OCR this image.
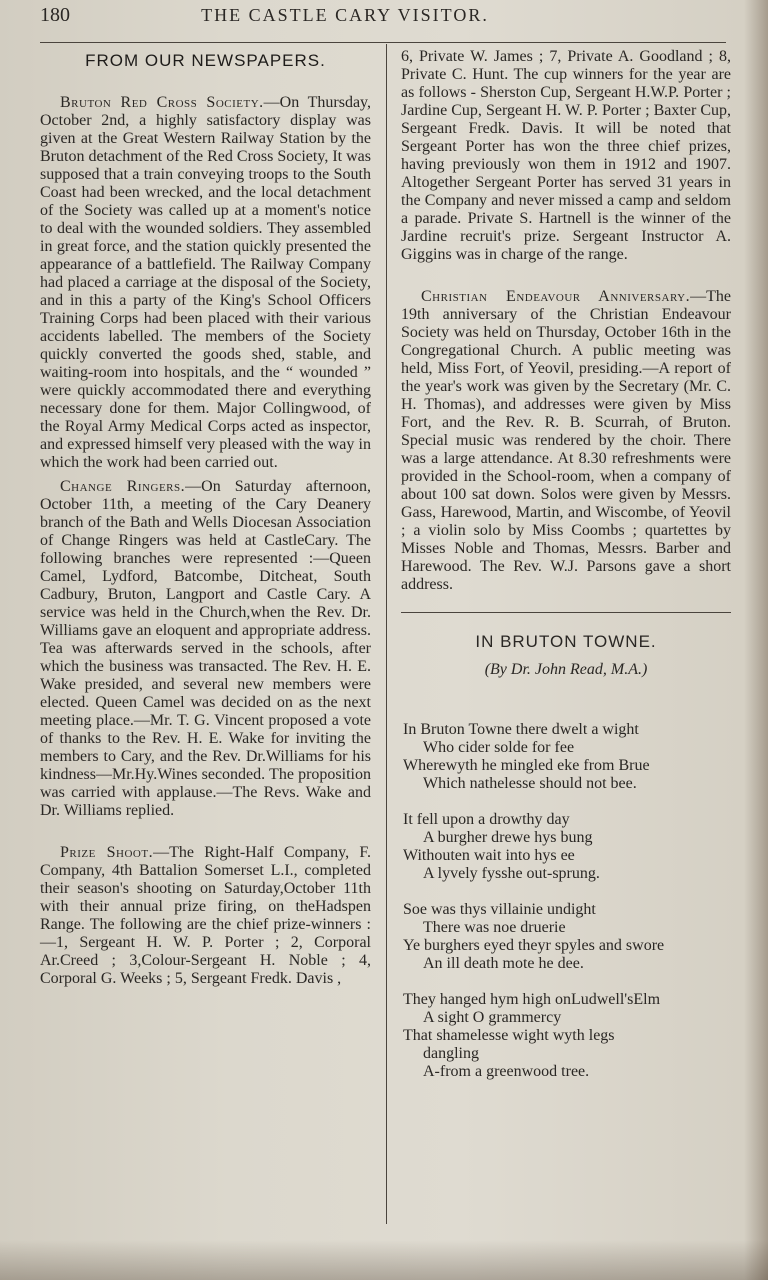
180	THE CASTLE CARY VISITOR.
FROM OUR NEWSPAPERS.

Bruton Red Cross Society.—On Thursday, October 2nd, a highly satisfactory display was given at the Great Western Railway Station by the Bruton detachment of the Red Cross Society, It was supposed that a train conveying troops to the South Coast had been wrecked, and the local detachment of the Society was called up at a moment's notice to deal with the wounded soldiers. They assembled in great force, and the station quickly presented the appearance of a battlefield. The Railway Company had placed a carriage at the disposal of the Society, and in this a party of the King's School Officers Training Corps had been placed with their various accidents labelled. The members of the Society quickly converted the goods shed, stable, and waiting-room into hospitals, and the “ wounded ” were quickly accommodated there and everything necessary done for them. Major Collingwood, of the Royal Army Medical Corps acted as inspector, and expressed himself very pleased with the way in which the work had been carried out.

Change Ringers.—On Saturday afternoon, October 11th, a meeting of the Cary Deanery branch of the Bath and Wells Diocesan Association of Change Ringers was held at CastleCary. The following branches were represented :—Queen Camel, Lydford, Batcombe, Ditcheat, South Cadbury, Bruton, Langport and Castle Cary. A service was held in the Church,when the Rev. Dr. Williams gave an eloquent and appropriate address. Tea was afterwards served in the schools, after which the business was transacted. The Rev. H. E. Wake presided, and several new members were elected. Queen Camel was decided on as the next meeting place.—Mr. T. G. Vincent proposed a vote of thanks to the Rev. H. E. Wake for inviting the members to Cary, and the Rev. Dr.Williams for his kindness—Mr.Hy.Wines seconded. The proposition was carried with applause.—The Revs. Wake and Dr. Williams replied.

Prize Shoot.—The Right-Half Company, F. Company, 4th Battalion Somerset L.I., completed their season's shooting on Saturday,October 11th with their annual prize firing, on theHadspen Range. The following are the chief prize-winners :—1, Sergeant H. W. P. Porter ; 2, Corporal Ar.Creed ; 3,Colour-Sergeant H. Noble ; 4, Corporal G. Weeks ; 5, Sergeant Fredk. Davis ,

6, Private W. James ; 7, Private A. Goodland ; 8, Private C. Hunt. The cup winners for the year are as follows - Sherston Cup, Sergeant H.W.P. Porter ; Jardine Cup, Sergeant H. W. P. Porter ; Baxter Cup, Sergeant Fredk. Davis. It will be noted that Sergeant Porter has won the three chief prizes, having previously won them in 1912 and 1907. Altogether Sergeant Porter has served 31 years in the Company and never missed a camp and seldom a parade. Private S. Hartnell is the winner of the Jardine recruit's prize. Sergeant Instructor A. Giggins was in charge of the range.

Christian Endeavour Anniversary.—The 19th anniversary of the Christian Endeavour Society was held on Thursday, October 16th in the Congregational Church. A public meeting was held, Miss Fort, of Yeovil, presiding.—A report of the year's work was given by the Secretary (Mr. C. H. Thomas), and addresses were given by Miss Fort, and the Rev. R. B. Scurrah, of Bruton. Special music was rendered by the choir. There was a large attendance. At 8.30 refreshments were provided in the School-room, when a company of about 100 sat down. Solos were given by Messrs. Gass, Harewood, Martin, and Wiscombe, of Yeovil ; a violin solo by Miss Coombs ; quartettes by Misses Noble and Thomas, Messrs. Barber and Harewood. The Rev. W.J. Parsons gave a short address.

IN BRUTON TOWNE.
(By Dr. John Read, M.A.)
In Bruton Towne there dwelt a wight
Who cider solde for fee
Wherewyth he mingled eke from Brue
Which nathelesse should not bee.
It fell upon a drowthy day
A burgher drewe hys bung
Withouten wait into hys ee
A lyvely fysshe out-sprung.
Soe was thys villainie undight
There was noe druerie
Ye burghers eyed theyr spyles and swore
An ill death mote he dee.
They hanged hym high onLudwell'sElm
A sight O grammercy
That shamelesse wight wyth legs
dangling
A-from a greenwood tree.
